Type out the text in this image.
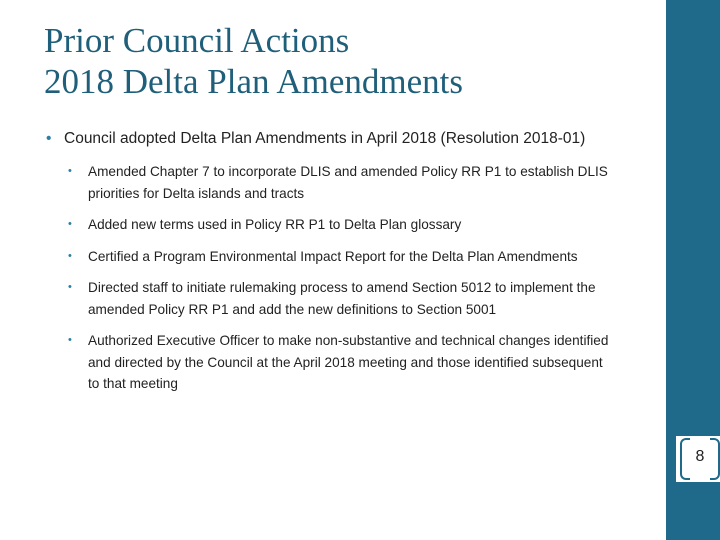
Prior Council Actions
2018 Delta Plan Amendments

• Council adopted Delta Plan Amendments in April 2018 (Resolution 2018-01)

• Amended Chapter 7 to incorporate DLIS and amended Policy RR P1 to establish DLIS priorities for Delta islands and tracts
• Added new terms used in Policy RR P1 to Delta Plan glossary
• Certified a Program Environmental Impact Report for the Delta Plan Amendments
• Directed staff to initiate rulemaking process to amend Section 5012 to implement the amended Policy RR P1 and add the new definitions to Section 5001
• Authorized Executive Officer to make non-substantive and technical changes identified and directed by the Council at the April 2018 meeting and those identified subsequent to that meeting
8
